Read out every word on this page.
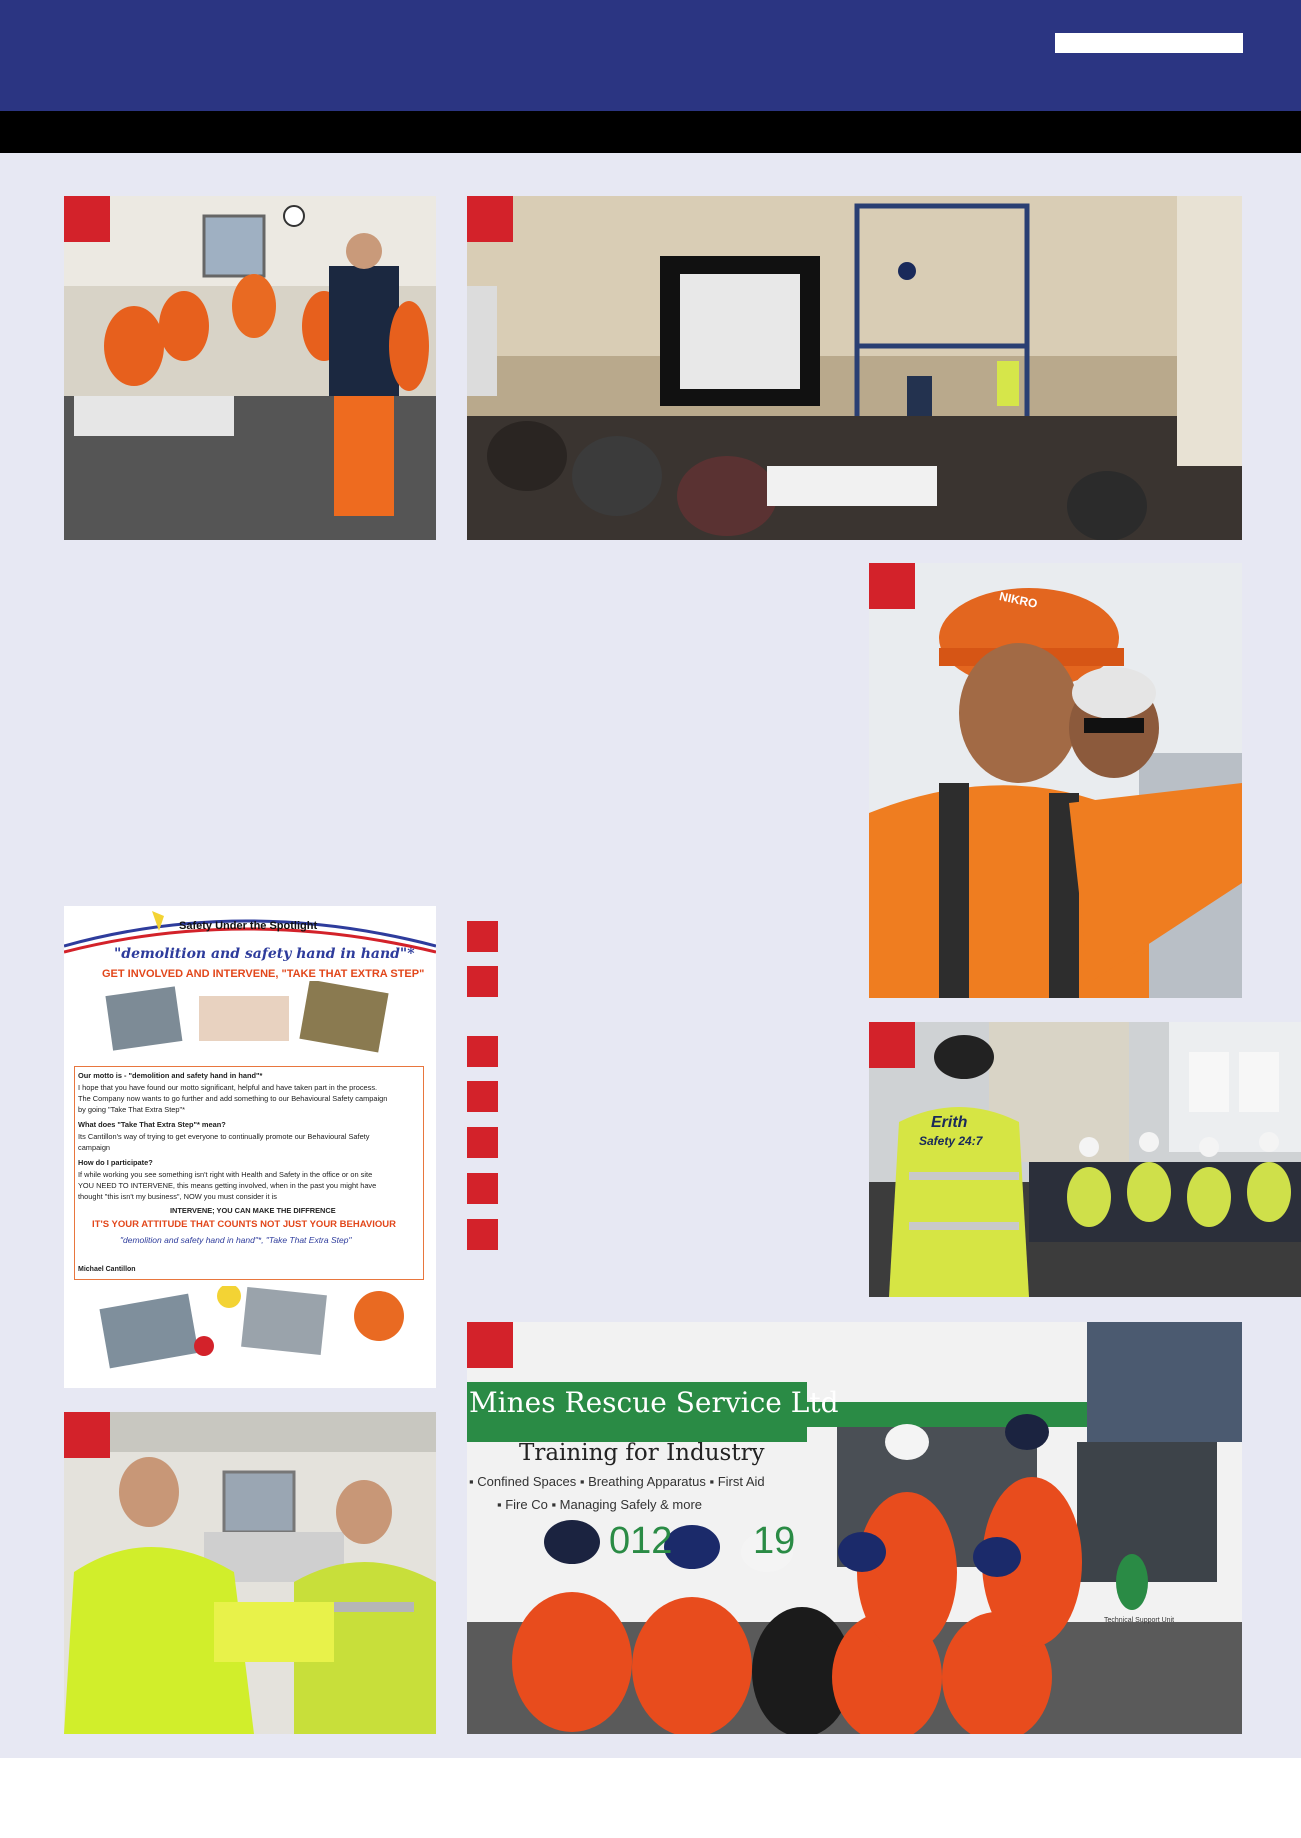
NIKRO
Erith
Safety 24:7
Safety Under the Spotlight
"demolition and safety hand in hand"*
GET INVOLVED AND INTERVENE, "TAKE THAT EXTRA STEP"
Our motto is - "demolition and safety hand in hand"*
I hope that you have found our motto significant, helpful and have taken part in the process.
The Company now wants to go further and add something to our Behavioural Safety campaign
by going "Take That Extra Step"*
What does "Take That Extra Step"* mean?
Its Cantillon's way of trying to get everyone to continually promote our Behavioural Safety
campaign
How do I participate?
If while working you see something isn't right with Health and Safety in the office or on site
YOU NEED TO INTERVENE, this means getting involved, when in the past you might have
thought "this isn't my business", NOW you must consider it is
INTERVENE; YOU CAN MAKE THE DIFFRENCE
IT'S YOUR ATTITUDE THAT COUNTS NOT JUST YOUR BEHAVIOUR
"demolition and safety hand in hand"*, "Take That Extra Step"
Michael Cantillon
Mines Rescue Service Ltd
Training for Industry
▪ Confined Spaces ▪ Breathing Apparatus ▪ First Aid
▪ Fire Co ▪ Managing Safely & more
012 19
Technical Support Unit
